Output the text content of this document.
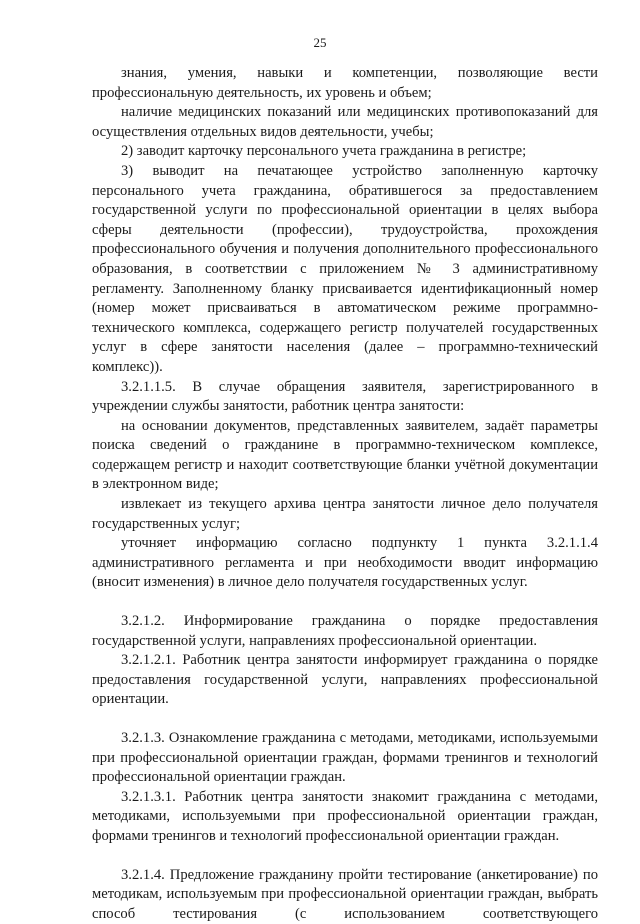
25

знания, умения, навыки и компетенции, позволяющие вести профессиональную деятельность, их уровень и объем;

наличие медицинских показаний или медицинских противопоказаний для осуществления отдельных видов деятельности, учебы;

2) заводит карточку персонального учета гражданина в регистре;

3) выводит на печатающее устройство заполненную карточку персонального учета гражданина, обратившегося за предоставлением государственной услуги по профессиональной ориентации в целях выбора сферы деятельности (профессии), трудоустройства, прохождения профессионального обучения и получения дополнительного профессионального образования, в соответствии с приложением № 3 административному регламенту. Заполненному бланку присваивается идентификационный номер (номер может присваиваться в автоматическом режиме программно-технического комплекса, содержащего регистр получателей государственных услуг в сфере занятости населения (далее – программно-технический комплекс)).

3.2.1.1.5. В случае обращения заявителя, зарегистрированного в учреждении службы занятости, работник центра занятости:

на основании документов, представленных заявителем, задаёт параметры поиска сведений о гражданине в программно-техническом комплексе, содержащем регистр и находит соответствующие бланки учётной документации в электронном виде;

извлекает из текущего архива центра занятости личное дело получателя государственных услуг;

уточняет информацию согласно подпункту 1 пункта 3.2.1.1.4 административного регламента и при необходимости вводит информацию (вносит изменения) в личное дело получателя государственных услуг.

3.2.1.2. Информирование гражданина о порядке предоставления государственной услуги, направлениях профессиональной ориентации.

3.2.1.2.1. Работник центра занятости информирует гражданина о порядке предоставления государственной услуги, направлениях профессиональной ориентации.

3.2.1.3. Ознакомление гражданина с методами, методиками, используемыми при профессиональной ориентации граждан, формами тренингов и технологий профессиональной ориентации граждан.

3.2.1.3.1. Работник центра занятости знакомит гражданина с методами, методиками, используемыми при профессиональной ориентации граждан, формами тренингов и технологий профессиональной ориентации граждан.

3.2.1.4. Предложение гражданину пройти тестирование (анкетирование) по методикам, используемым при профессиональной ориентации граждан, выбрать способ тестирования (с использованием соответствующего
